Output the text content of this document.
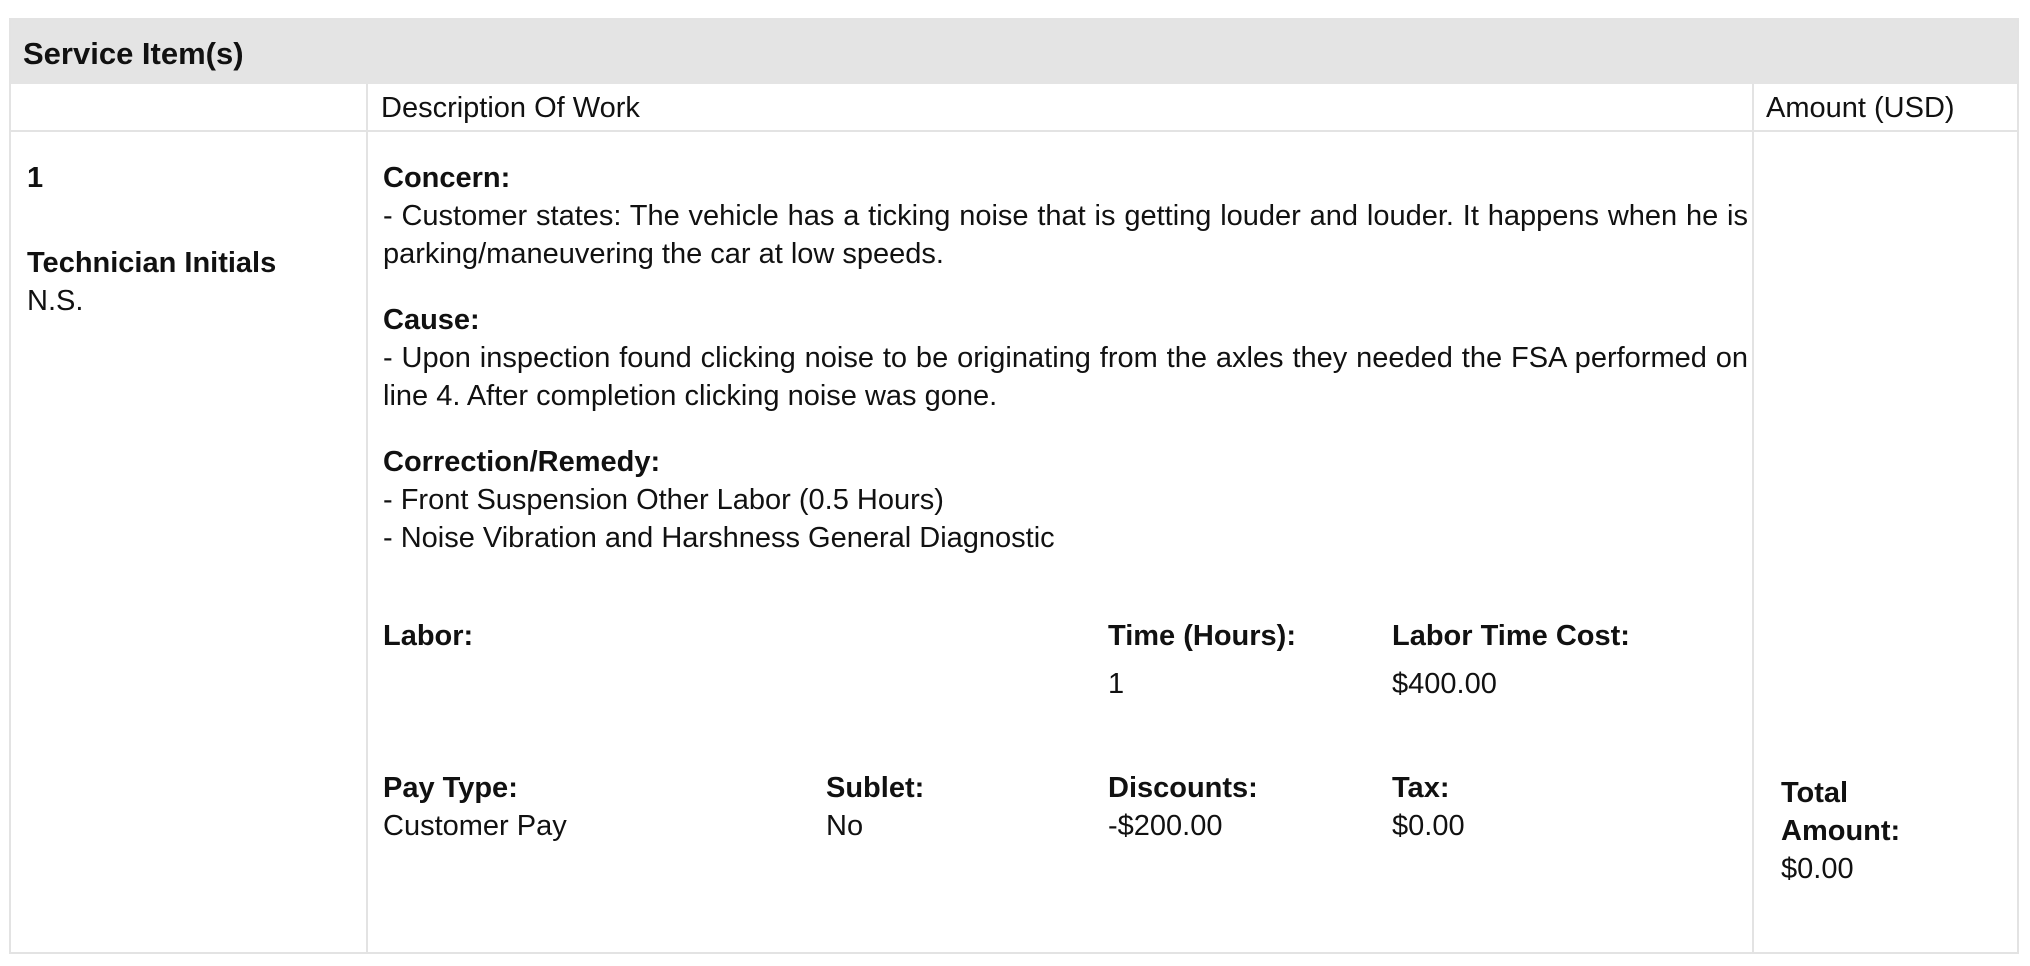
Service Item(s)
Description Of Work	Amount (USD)
1
Technician Initials
N.S.
Concern:
- Customer states: The vehicle has a ticking noise that is getting louder and louder. It happens when he is parking/maneuvering the car at low speeds.
Cause:
- Upon inspection found clicking noise to be originating from the axles they needed the FSA performed on line 4. After completion clicking noise was gone.
Correction/Remedy:
- Front Suspension Other Labor (0.5 Hours)
- Noise Vibration and Harshness General Diagnostic
Labor:	Time (Hours):
1
Labor Time Cost:
$400.00
Pay Type:
Customer Pay
Sublet:
No
Discounts:
-$200.00
Tax:
$0.00
Total
Amount:
$0.00
